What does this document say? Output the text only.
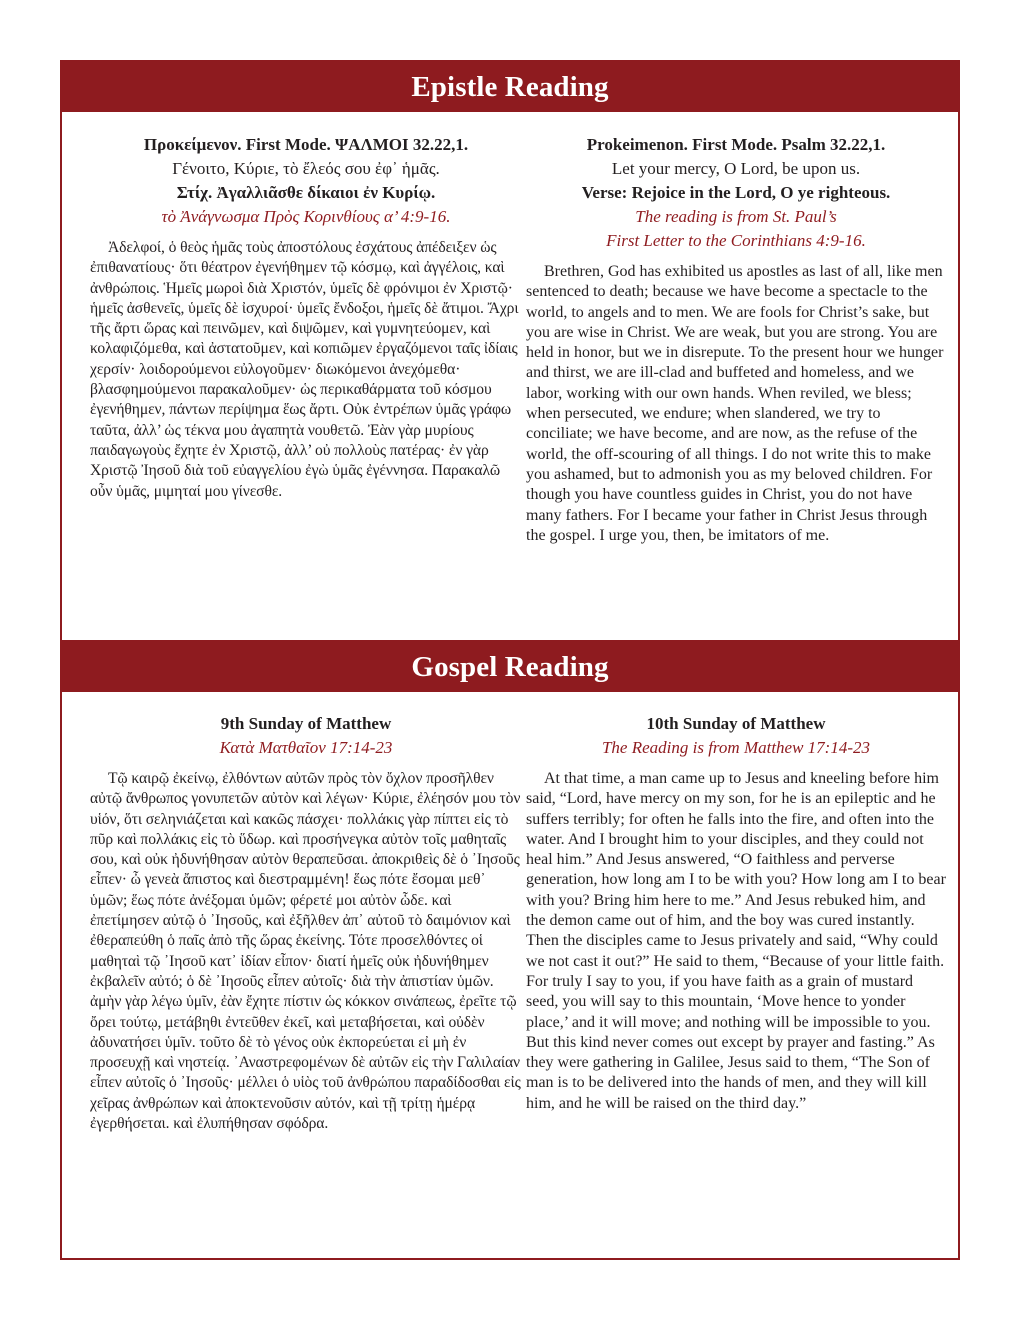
Epistle Reading
Προκείμενον. First Mode. ΨΑΛΜΟΙ 32.22,1.
Γένοιτο, Κύριε, τὸ ἔλεός σου ἐφ᾽ ἡμᾶς.
Στίχ. Ἀγαλλιᾶσθε δίκαιοι ἐν Κυρίῳ.
τὸ Ἀνάγνωσμα Πρὸς Κορινθίους α’ 4:9-16.

Ἀδελφοί, ὁ θεὸς ἡμᾶς τοὺς ἀποστόλους ἐσχάτους ἀπέδειξεν ὡς ἐπιθανατίους· ὅτι θέατρον ἐγενήθημεν τῷ κόσμῳ, καὶ ἀγγέλοις, καὶ ἀνθρώποις. Ἡμεῖς μωροὶ διὰ Χριστόν, ὑμεῖς δὲ φρόνιμοι ἐν Χριστῷ· ἡμεῖς ἀσθενεῖς, ὑμεῖς δὲ ἰσχυροί· ὑμεῖς ἔνδοξοι, ἡμεῖς δὲ ἄτιμοι. Ἄχρι τῆς ἄρτι ὥρας καὶ πεινῶμεν, καὶ διψῶμεν, καὶ γυμνητεύομεν, καὶ κολαφιζόμεθα, καὶ ἀστατοῦμεν, καὶ κοπιῶμεν ἐργαζόμενοι ταῖς ἰδίαις χερσίν· λοιδορούμενοι εὐλογοῦμεν· διωκόμενοι ἀνεχόμεθα· βλασφημούμενοι παρακαλοῦμεν· ὡς περικαθάρματα τοῦ κόσμου ἐγενήθημεν, πάντων περίψημα ἕως ἄρτι. Οὐκ ἐντρέπων ὑμᾶς γράφω ταῦτα, ἀλλ’ ὡς τέκνα μου ἀγαπητὰ νουθετῶ. Ἐὰν γὰρ μυρίους παιδαγωγοὺς ἔχητε ἐν Χριστῷ, ἀλλ’ οὐ πολλοὺς πατέρας· ἐν γὰρ Χριστῷ Ἰησοῦ διὰ τοῦ εὐαγγελίου ἐγὼ ὑμᾶς ἐγέννησα. Παρακαλῶ οὖν ὑμᾶς, μιμηταί μου γίνεσθε.

Prokeimenon. First Mode. Psalm 32.22,1.
Let your mercy, O Lord, be upon us.
Verse: Rejoice in the Lord, O ye righteous.
The reading is from St. Paul’s
First Letter to the Corinthians 4:9-16.

Brethren, God has exhibited us apostles as last of all, like men sentenced to death; because we have become a spectacle to the world, to angels and to men. We are fools for Christ’s sake, but you are wise in Christ. We are weak, but you are strong. You are held in honor, but we in disrepute. To the present hour we hunger and thirst, we are ill-clad and buffeted and homeless, and we labor, working with our own hands. When reviled, we bless; when persecuted, we endure; when slandered, we try to conciliate; we have become, and are now, as the refuse of the world, the off-scouring of all things. I do not write this to make you ashamed, but to admonish you as my beloved children. For though you have countless guides in Christ, you do not have many fathers. For I became your father in Christ Jesus through the gospel. I urge you, then, be imitators of me.

Gospel Reading
9th Sunday of Matthew
Κατὰ Ματθαῖον 17:14-23

Τῷ καιρῷ ἐκείνῳ, ἐλθόντων αὐτῶν πρὸς τὸν ὄχλον προσῆλθεν αὐτῷ ἄνθρωπος γονυπετῶν αὐτὸν καὶ λέγων· Κύριε, ἐλέησόν μου τὸν υἱόν, ὅτι σεληνιάζεται καὶ κακῶς πάσχει· πολλάκις γὰρ πίπτει εἰς τὸ πῦρ καὶ πολλάκις εἰς τὸ ὕδωρ. καὶ προσήνεγκα αὐτὸν τοῖς μαθηταῖς σου, καὶ οὐκ ἠδυνήθησαν αὐτὸν θεραπεῦσαι. ἀποκριθεὶς δὲ ὁ ᾿Ιησοῦς εἶπεν· ὦ γενεὰ ἄπιστος καὶ διεστραμμένη! ἕως πότε ἔσομαι μεθ᾿ ὑμῶν; ἕως πότε ἀνέξομαι ὑμῶν; φέρετέ μοι αὐτὸν ὧδε. καὶ ἐπετίμησεν αὐτῷ ὁ ᾿Ιησοῦς, καὶ ἐξῆλθεν ἀπ᾿ αὐτοῦ τὸ δαιμόνιον καὶ ἐθεραπεύθη ὁ παῖς ἀπὸ τῆς ὥρας ἐκείνης. Τότε προσελθόντες οἱ μαθηταὶ τῷ ᾿Ιησοῦ κατ᾿ ἰδίαν εἶπον· διατί ἡμεῖς οὐκ ἠδυνήθημεν ἐκβαλεῖν αὐτό; ὁ δὲ ᾿Ιησοῦς εἶπεν αὐτοῖς· διὰ τὴν ἀπιστίαν ὑμῶν. ἀμὴν γὰρ λέγω ὑμῖν, ἐὰν ἔχητε πίστιν ὡς κόκκον σινάπεως, ἐρεῖτε τῷ ὄρει τούτῳ, μετάβηθι ἐντεῦθεν ἐκεῖ, καὶ μεταβήσεται, καὶ οὐδὲν ἀδυνατήσει ὑμῖν. τοῦτο δὲ τὸ γένος οὐκ ἐκπορεύεται εἰ μὴ ἐν προσευχῇ καὶ νηστείᾳ. ᾿Αναστρεφομένων δὲ αὐτῶν εἰς τὴν Γαλιλαίαν εἶπεν αὐτοῖς ὁ ᾿Ιησοῦς· μέλλει ὁ υἱὸς τοῦ ἀνθρώπου παραδίδοσθαι εἰς χεῖρας ἀνθρώπων καὶ ἀποκτενοῦσιν αὐτόν, καὶ τῇ τρίτῃ ἡμέρᾳ ἐγερθήσεται. καὶ ἐλυπήθησαν σφόδρα.

10th Sunday of Matthew
The Reading is from Matthew 17:14-23

At that time, a man came up to Jesus and kneeling before him said, “Lord, have mercy on my son, for he is an epileptic and he suffers terribly; for often he falls into the fire, and often into the water. And I brought him to your disciples, and they could not heal him.” And Jesus answered, “O faithless and perverse generation, how long am I to be with you? How long am I to bear with you? Bring him here to me.” And Jesus rebuked him, and the demon came out of him, and the boy was cured instantly. Then the disciples came to Jesus privately and said, “Why could we not cast it out?” He said to them, “Because of your little faith. For truly I say to you, if you have faith as a grain of mustard seed, you will say to this mountain, ‘Move hence to yonder place,’ and it will move; and nothing will be impossible to you. But this kind never comes out except by prayer and fasting.” As they were gathering in Galilee, Jesus said to them, “The Son of man is to be delivered into the hands of men, and they will kill him, and he will be raised on the third day.”
